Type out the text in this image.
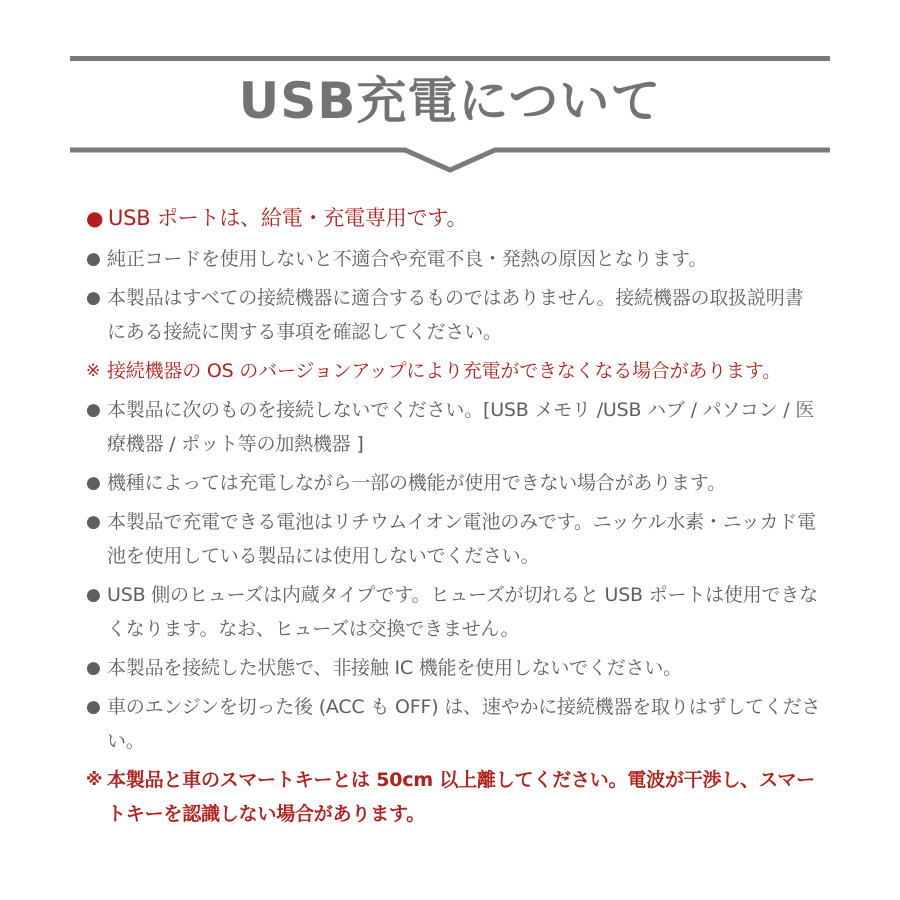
USB充電について
● USB ポートは、給電・充電専用です。
● 純正コードを使用しないと不適合や充電不良・発熱の原因となります。
● 本製品はすべての接続機器に適合するものではありません。接続機器の取扱説明書にある接続に関する事項を確認してください。
※ 接続機器の OS のバージョンアップにより充電ができなくなる場合があります。
● 本製品に次のものを接続しないでください。[USB メモリ /USB ハブ / パソコン / 医療機器 / ポット等の加熱機器 ]
● 機種によっては充電しながら一部の機能が使用できない場合があります。
● 本製品で充電できる電池はリチウムイオン電池のみです。ニッケル水素・ニッカド電池を使用している製品には使用しないでください。
● USB 側のヒューズは内蔵タイプです。ヒューズが切れると USB ポートは使用できなくなります。なお、ヒューズは交換できません。
● 本製品を接続した状態で、非接触 IC 機能を使用しないでください。
● 車のエンジンを切った後 (ACC も OFF) は、速やかに接続機器を取りはずしてください。
※ 本製品と車のスマートキーとは 50cm 以上離してください。電波が干渉し、スマートキーを認識しない場合があります。
